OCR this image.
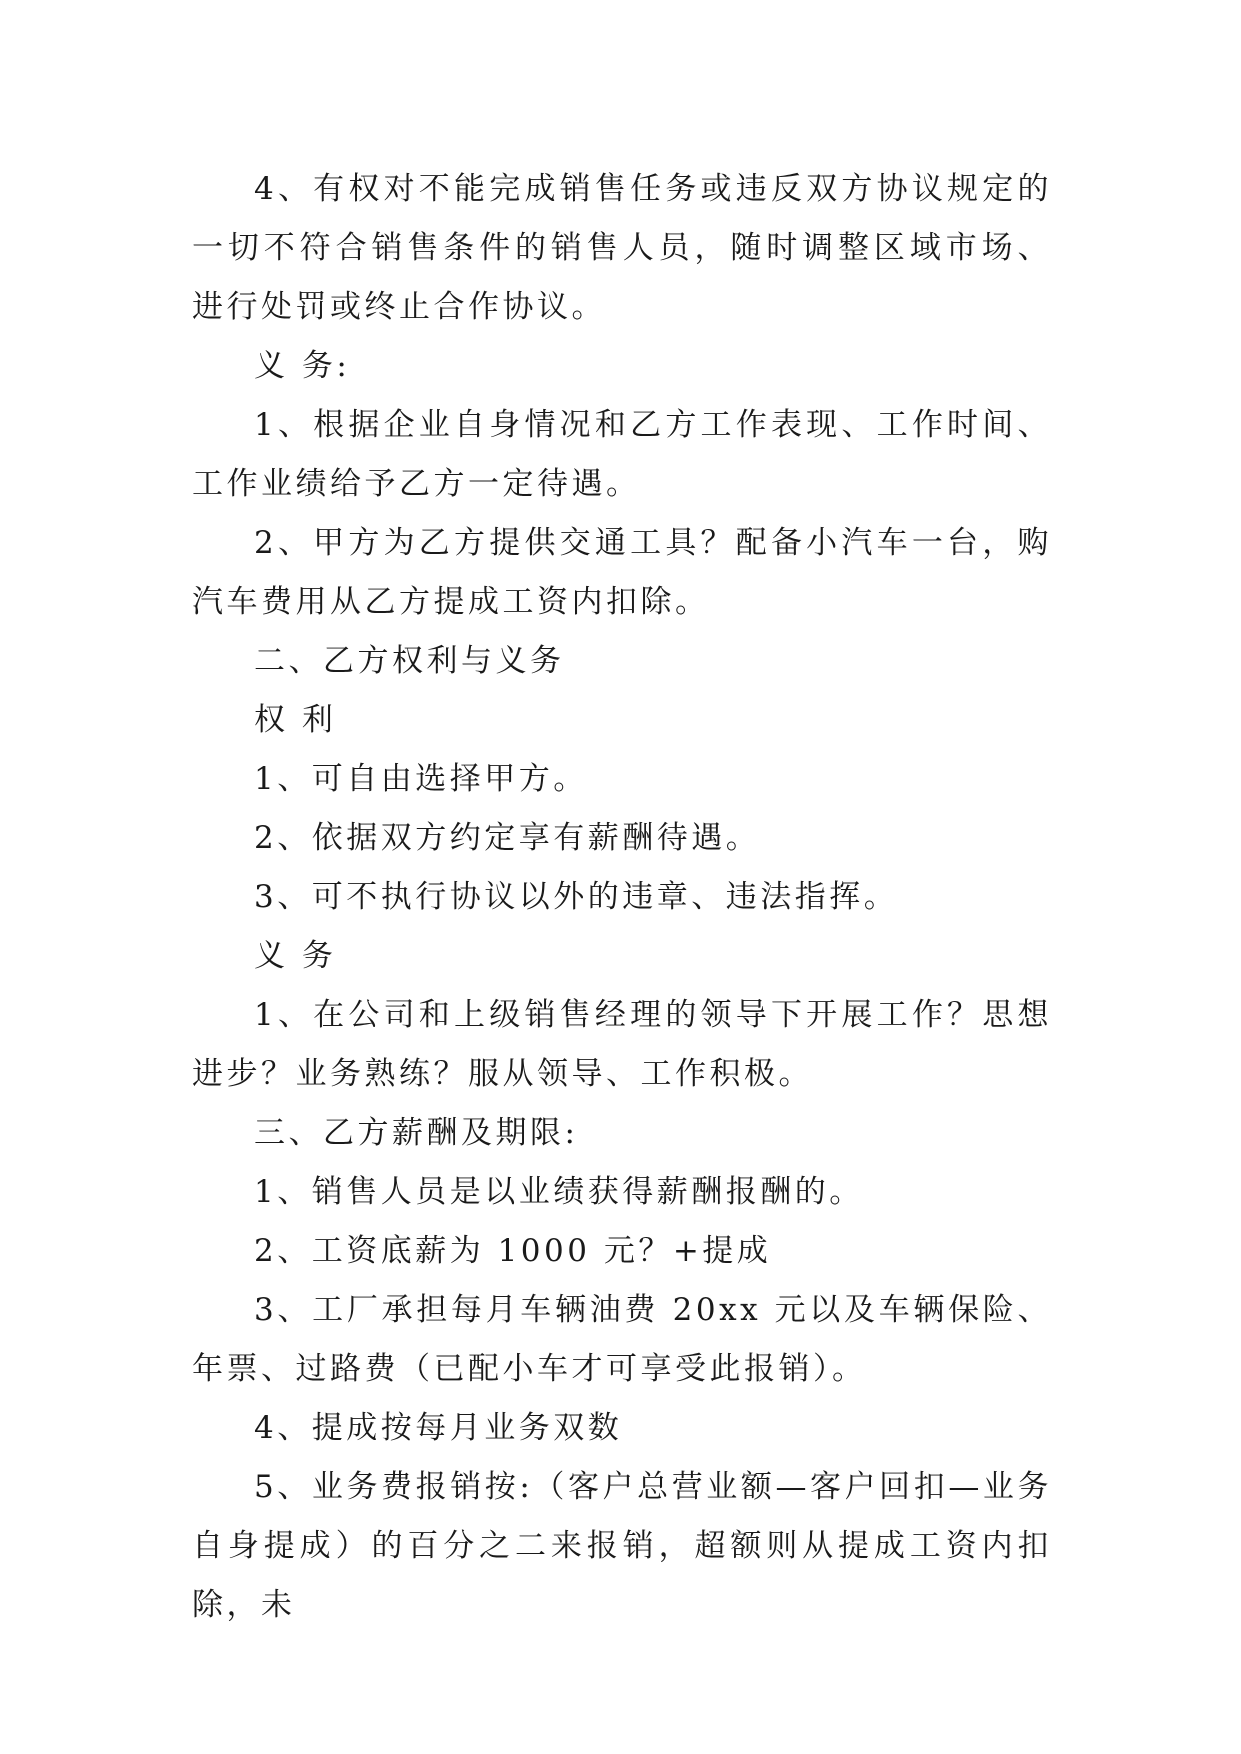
4、有权对不能完成销售任务或违反双方协议规定的一切不符合销售条件的销售人员，随时调整区域市场、进行处罚或终止合作协议。

义 务:

1、根据企业自身情况和乙方工作表现、工作时间、工作业绩给予乙方一定待遇。

2、甲方为乙方提供交通工具？配备小汽车一台，购汽车费用从乙方提成工资内扣除。

二、乙方权利与义务

权 利

1、可自由选择甲方。

2、依据双方约定享有薪酬待遇。

3、可不执行协议以外的违章、违法指挥。

义 务

1、在公司和上级销售经理的领导下开展工作？思想进步？业务熟练？服从领导、工作积极。

三、乙方薪酬及期限:

1、销售人员是以业绩获得薪酬报酬的。

2、工资底薪为 1000 元？+提成

3、工厂承担每月车辆油费 20xx 元以及车辆保险、年票、过路费（已配小车才可享受此报销）。

4、提成按每月业务双数

5、业务费报销按:（客户总营业额—客户回扣—业务自身提成）的百分之二来报销，超额则从提成工资内扣除，未
